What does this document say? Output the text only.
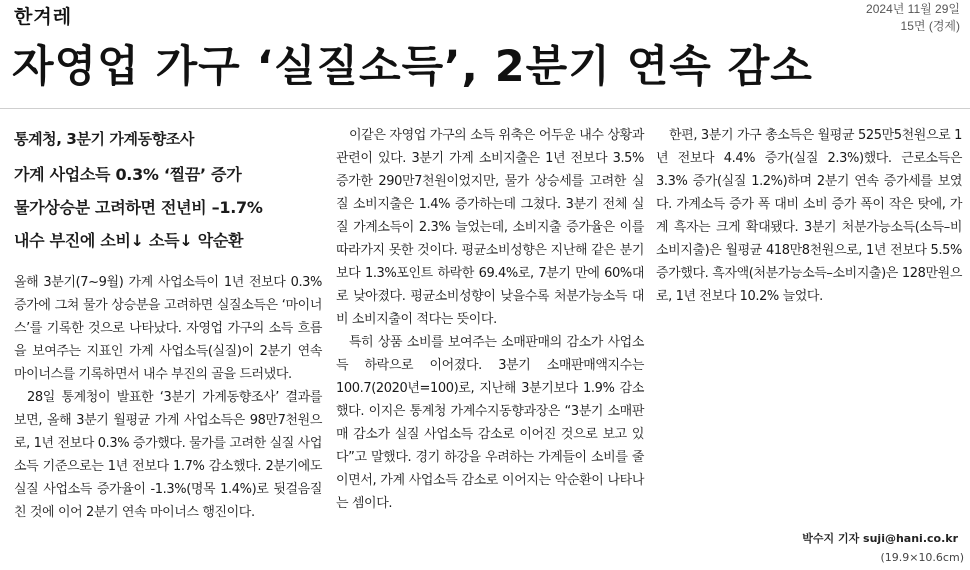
한겨레	2024년 11월 29일
15면 (경제)
자영업 가구 ‘실질소득’, 2분기 연속 감소
통계청, 3분기 가계동향조사
가계 사업소득 0.3% ‘찔끔’ 증가
물가상승분 고려하면 전년비 –1.7%
내수 부진에 소비↓ 소득↓ 악순환

올해 3분기(7~9월) 가계 사업소득이 1년 전보다 0.3% 증가에 그쳐 물가 상승분을 고려하면 실질소득은 ‘마이너스’를 기록한 것으로 나타났다. 자영업 가구의 소득 흐름을 보여주는 지표인 가계 사업소득(실질)이 2분기 연속 마이너스를 기록하면서 내수 부진의 골을 드러냈다.

28일 통계청이 발표한 ‘3분기 가계동향조사’ 결과를 보면, 올해 3분기 월평균 가계 사업소득은 98만7천원으로, 1년 전보다 0.3% 증가했다. 물가를 고려한 실질 사업소득 기준으로는 1년 전보다 1.7% 감소했다. 2분기에도 실질 사업소득 증가율이 -1.3%(명목 1.4%)로 뒷걸음질 친 것에 이어 2분기 연속 마이너스 행진이다.

이같은 자영업 가구의 소득 위축은 어두운 내수 상황과 관련이 있다. 3분기 가계 소비지출은 1년 전보다 3.5% 증가한 290만7천원이었지만, 물가 상승세를 고려한 실질 소비지출은 1.4% 증가하는데 그쳤다. 3분기 전체 실질 가계소득이 2.3% 늘었는데, 소비지출 증가율은 이를 따라가지 못한 것이다. 평균소비성향은 지난해 같은 분기보다 1.3%포인트 하락한 69.4%로, 7분기 만에 60%대로 낮아졌다. 평균소비성향이 낮을수록 처분가능소득 대비 소비지출이 적다는 뜻이다.

특히 상품 소비를 보여주는 소매판매의 감소가 사업소득 하락으로 이어졌다. 3분기 소매판매액지수는 100.7(2020년=100)로, 지난해 3분기보다 1.9% 감소했다. 이지은 통계청 가계수지동향과장은 “3분기 소매판매 감소가 실질 사업소득 감소로 이어진 것으로 보고 있다”고 말했다. 경기 하강을 우려하는 가계들이 소비를 줄이면서, 가계 사업소득 감소로 이어지는 악순환이 나타나는 셈이다.

한편, 3분기 가구 총소득은 월평균 525만5천원으로 1년 전보다 4.4% 증가(실질 2.3%)했다. 근로소득은 3.3% 증가(실질 1.2%)하며 2분기 연속 증가세를 보였다. 가계소득 증가 폭 대비 소비 증가 폭이 작은 탓에, 가계 흑자는 크게 확대됐다. 3분기 처분가능소득(소득–비소비지출)은 월평균 418만8천원으로, 1년 전보다 5.5% 증가했다. 흑자액(처분가능소득–소비지출)은 128만원으로, 1년 전보다 10.2% 늘었다.

박수지 기자 suji@hani.co.kr
(19.9×10.6cm)
